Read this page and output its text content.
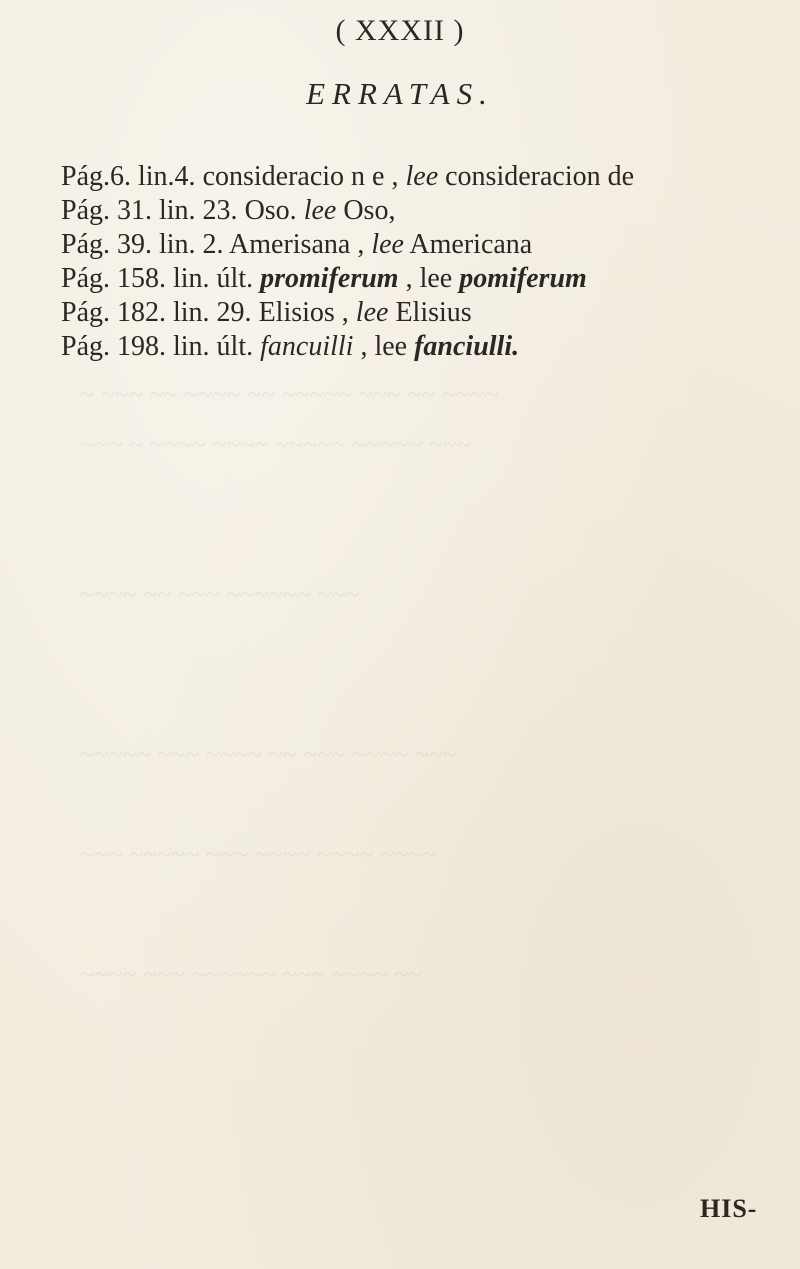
~ ~~~ ~~ ~~~~ ~~ ~~~~~ ~~~ ~~ ~~~~
~~~ ~ ~~~~ ~~~~ ~~~~~ ~~~~~ ~~~
~~~~ ~~ ~~~ ~~~~~~ ~~~
~~~~~ ~~~ ~~~~ ~~ ~~~ ~~~~ ~~~
~~~ ~~~~~ ~~~ ~~~~ ~~~~ ~~~~
~~~~ ~~~ ~~~~~~ ~~~ ~~~~ ~~
( XXXII )
ERRATAS.
Pág.6. lin.4. consideracio n e , lee consideracion de
Pág. 31. lin. 23. Oso. lee Oso,
Pág. 39. lin. 2. Amerisana , lee Americana
Pág. 158. lin. últ. promiferum , lee pomiferum
Pág. 182. lin. 29. Elisios , lee Elisius
Pág. 198. lin. últ. fancuilli , lee fanciulli.
HIS-
